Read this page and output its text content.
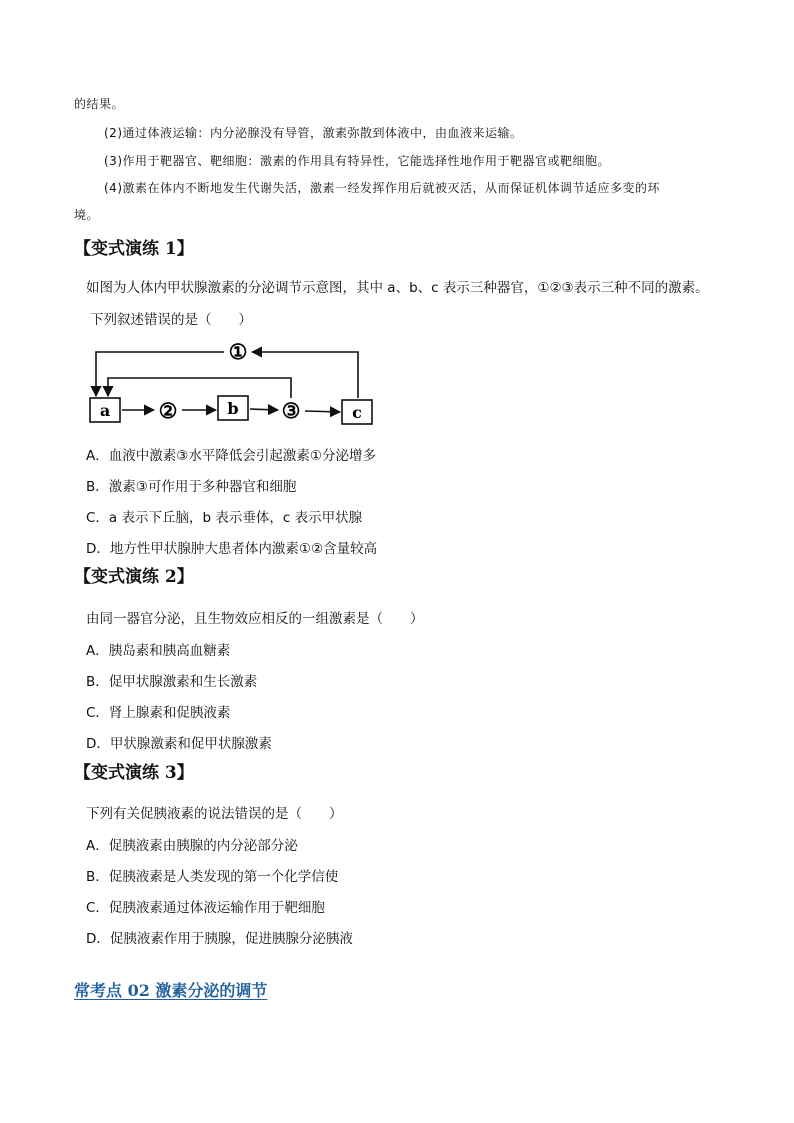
的结果。
(2)通过体液运输：内分泌腺没有导管，激素弥散到体液中，由血液来运输。
(3)作用于靶器官、靶细胞：激素的作用具有特异性，它能选择性地作用于靶器官或靶细胞。
(4)激素在体内不断地发生代谢失活，激素一经发挥作用后就被灭活，从而保证机体调节适应多变的环
境。
【变式演练 1】
如图为人体内甲状腺激素的分泌调节示意图，其中 a、b、c 表示三种器官，①②③表示三种不同的激素。
下列叙述错误的是（　　）
a	b	c
①
②	③
A．血液中激素③水平降低会引起激素①分泌增多
B．激素③可作用于多种器官和细胞
C．a 表示下丘脑，b 表示垂体，c 表示甲状腺
D．地方性甲状腺肿大患者体内激素①②含量较高
【变式演练 2】
由同一器官分泌，且生物效应相反的一组激素是（　　）
A．胰岛素和胰高血糖素
B．促甲状腺激素和生长激素
C．肾上腺素和促胰液素
D．甲状腺激素和促甲状腺激素
【变式演练 3】
下列有关促胰液素的说法错误的是（　　）
A．促胰液素由胰腺的内分泌部分泌
B．促胰液素是人类发现的第一个化学信使
C．促胰液素通过体液运输作用于靶细胞
D．促胰液素作用于胰腺，促进胰腺分泌胰液
常考点 02 激素分泌的调节
